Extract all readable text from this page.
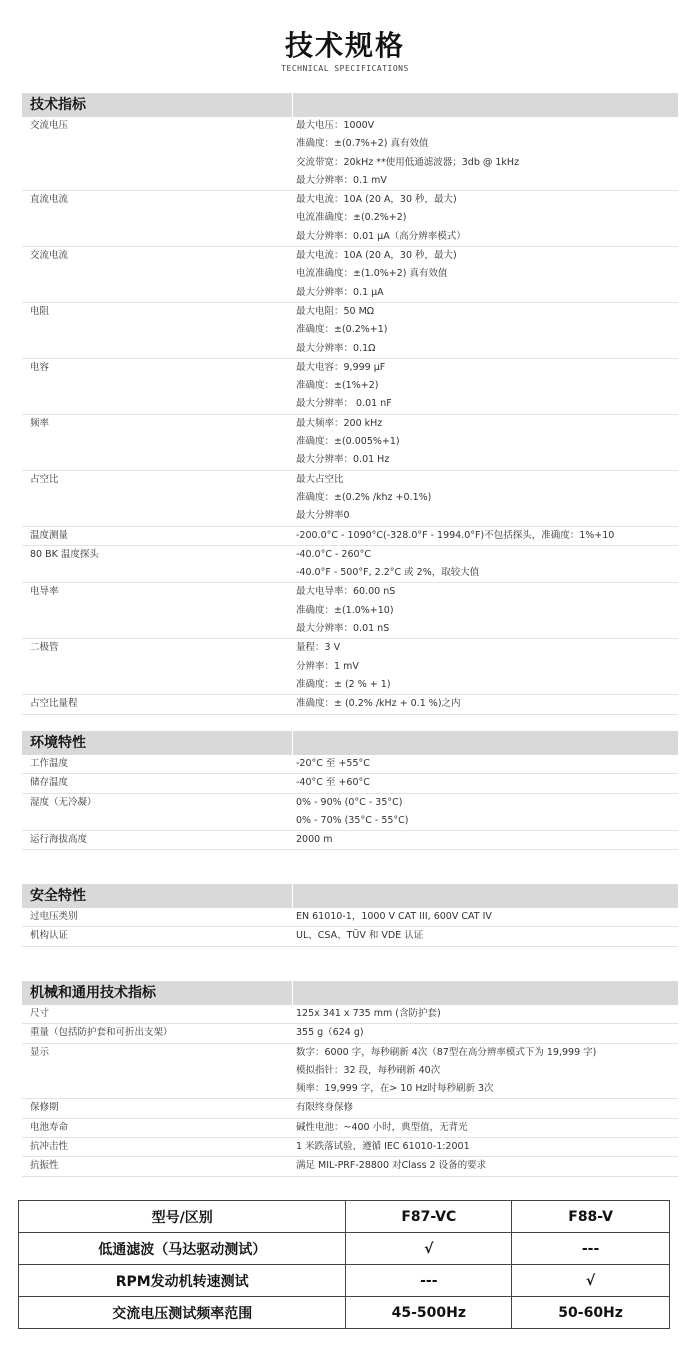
技术规格
TECHNICAL SPECIFICATIONS
技术指标
交流电压	最大电压：1000V
准确度：±(0.7%+2) 真有效值
交流带宽：20kHz **使用低通滤波器；3db @ 1kHz
最大分辨率：0.1 mV
直流电流	最大电流：10A (20 A，30 秒，最大)
电流准确度：±(0.2%+2)
最大分辨率：0.01 µA（高分辨率模式）
交流电流	最大电流：10A (20 A，30 秒，最大)
电流准确度：±(1.0%+2) 真有效值
最大分辨率：0.1 µA
电阻	最大电阻：50 MΩ
准确度：±(0.2%+1)
最大分辨率：0.1Ω
电容	最大电容：9,999 µF
准确度：±(1%+2)
最大分辨率： 0.01 nF
频率	最大频率：200 kHz
准确度：±(0.005%+1)
最大分辨率：0.01 Hz
占空比	最大占空比
准确度：±(0.2% /khz +0.1%)
最大分辨率0
温度测量	-200.0°C - 1090°C(-328.0°F - 1994.0°F)不包括探头，准确度：1%+10
80 BK 温度探头	-40.0°C - 260°C
-40.0°F - 500°F, 2.2°C 或 2%，取较大值
电导率	最大电导率：60.00 nS
准确度：±(1.0%+10)
最大分辨率：0.01 nS
二极管	量程：3 V
分辨率：1 mV
准确度：± (2 % + 1)
占空比量程	准确度：± (0.2% /kHz + 0.1 %)之内
环境特性
工作温度	-20°C 至 +55°C
储存温度	-40°C 至 +60°C
湿度（无冷凝）	0% - 90% (0°C - 35°C)
0% - 70% (35°C - 55°C)
运行海拔高度	2000 m
安全特性
过电压类别	EN 61010-1，1000 V CAT III, 600V CAT IV
机构认证	UL、CSA、TÜV 和 VDE 认证
机械和通用技术指标
尺寸	125x 341 x 735 mm (含防护套)
重量（包括防护套和可折出支架）	355 g（624 g)
显示	数字：6000 字，每秒刷新 4次（87型在高分辨率模式下为 19,999 字)
模拟指针：32 段，每秒刷新 40次
频率：19,999 字，在> 10 Hz时每秒刷新 3次
保修期	有限终身保修
电池寿命	碱性电池：~400 小时，典型值，无背光
抗冲击性	1 米跌落试验，遵循 IEC 61010-1:2001
抗振性	满足 MIL-PRF-28800 对Class 2 设备的要求
型号/区别	F87-VC	F88-V
低通滤波（马达驱动测试）	√	---
RPM发动机转速测试	---	√
交流电压测试频率范围	45-500Hz	50-60Hz
